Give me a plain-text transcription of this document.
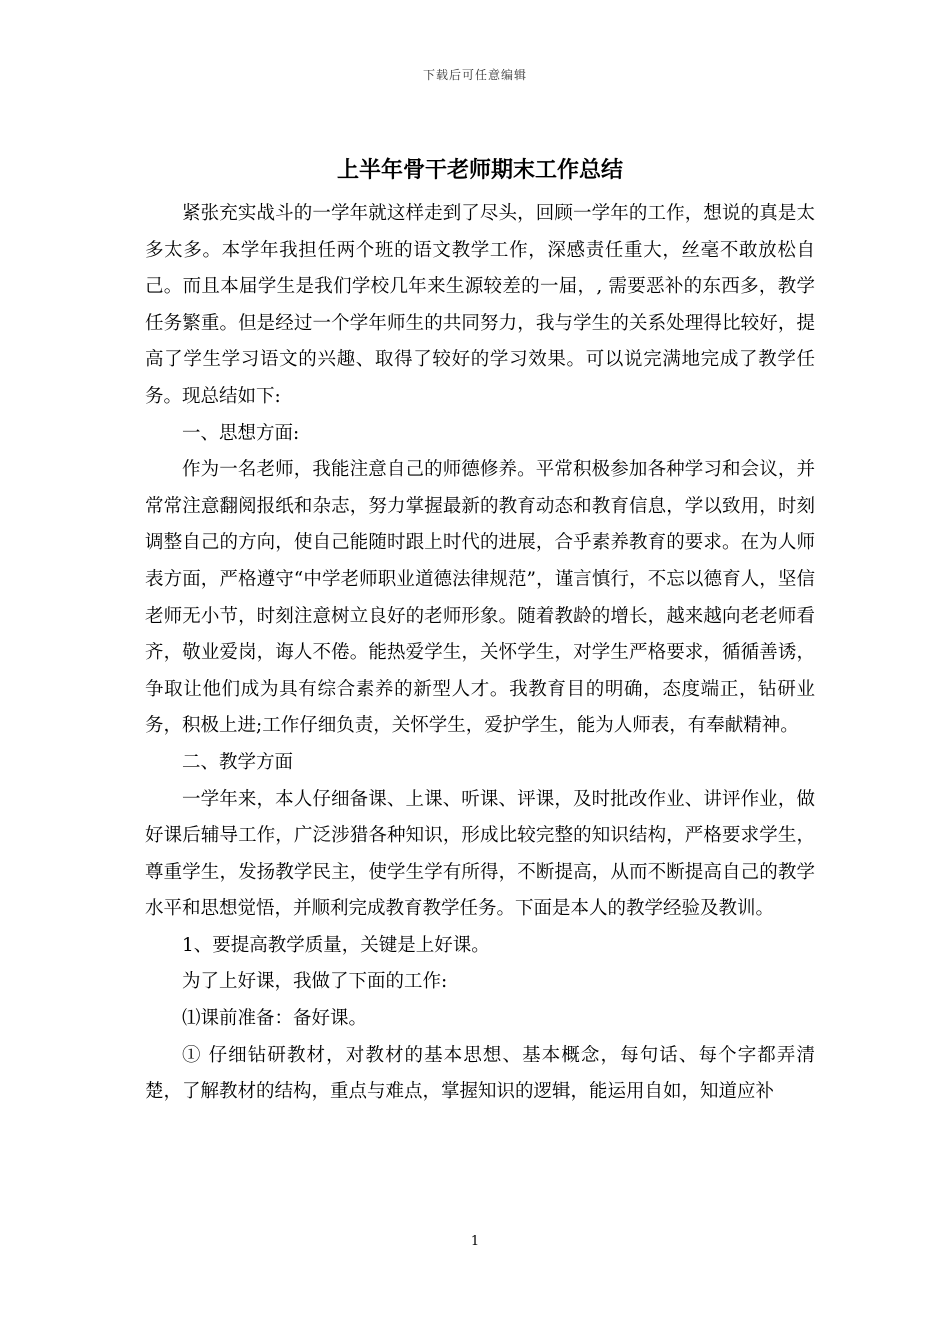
下载后可任意编辑
上半年骨干老师期末工作总结

紧张充实战斗的一学年就这样走到了尽头，回顾一学年的工作，想说的真是太多太多。本学年我担任两个班的语文教学工作，深感责任重大，丝毫不敢放松自己。而且本届学生是我们学校几年来生源较差的一届，, 需要恶补的东西多，教学任务繁重。但是经过一个学年师生的共同努力，我与学生的关系处理得比较好，提高了学生学习语文的兴趣、取得了较好的学习效果。可以说完满地完成了教学任务。现总结如下:

一、思想方面:

作为一名老师，我能注意自己的师德修养。平常积极参加各种学习和会议，并常常注意翻阅报纸和杂志，努力掌握最新的教育动态和教育信息，学以致用，时刻调整自己的方向，使自己能随时跟上时代的进展，合乎素养教育的要求。在为人师表方面，严格遵守“中学老师职业道德法律规范”，谨言慎行，不忘以德育人，坚信老师无小节，时刻注意树立良好的老师形象。随着教龄的增长，越来越向老老师看齐，敬业爱岗，诲人不倦。能热爱学生，关怀学生，对学生严格要求，循循善诱，争取让他们成为具有综合素养的新型人才。我教育目的明确，态度端正，钻研业务，积极上进;工作仔细负责，关怀学生，爱护学生，能为人师表，有奉献精神。

二、教学方面

一学年来，本人仔细备课、上课、听课、评课，及时批改作业、讲评作业，做好课后辅导工作，广泛涉猎各种知识，形成比较完整的知识结构，严格要求学生，尊重学生，发扬教学民主，使学生学有所得，不断提高，从而不断提高自己的教学水平和思想觉悟，并顺利完成教育教学任务。下面是本人的教学经验及教训。

1、要提高教学质量，关键是上好课。

为了上好课，我做了下面的工作:

⑴课前准备：备好课。

① 仔细钻研教材，对教材的基本思想、基本概念，每句话、每个字都弄清楚，了解教材的结构，重点与难点，掌握知识的逻辑，能运用自如，知道应补

1
